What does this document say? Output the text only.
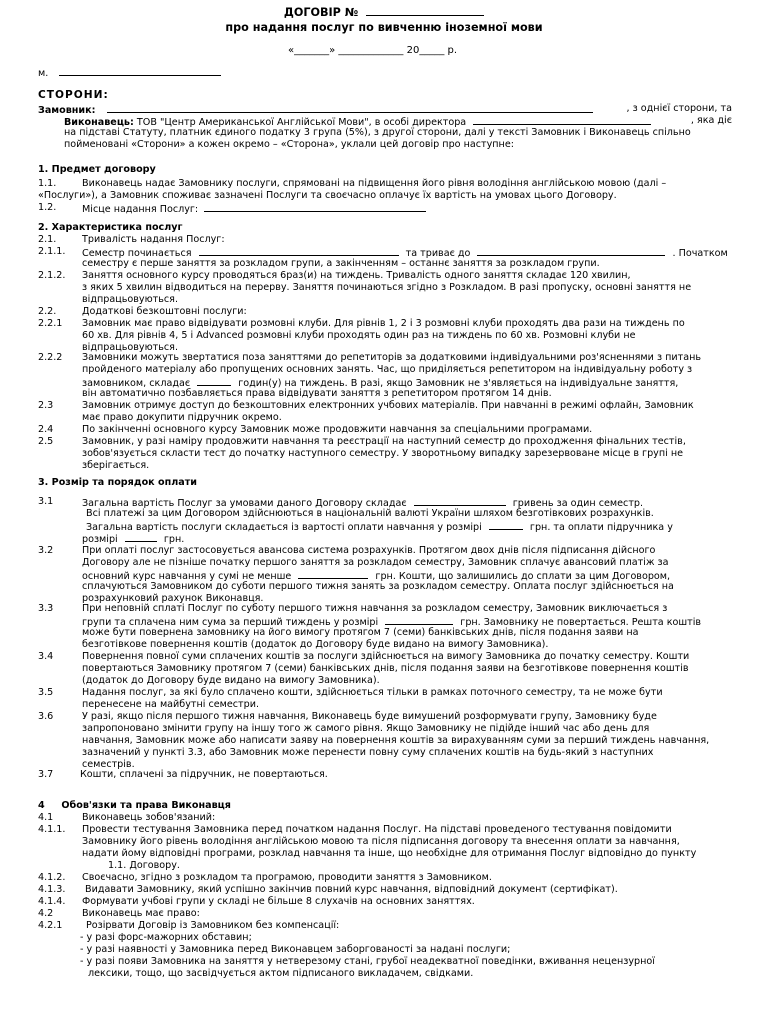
ДОГОВІР №
про надання послуг по вивченню іноземної мови
«_______» _____________ 20_____ р.
м.
СТОРОНИ:
Замовник:	, з однієї сторони, та
Виконавець: ТОВ "Центр Американської Англійської Мови", в особі директора	, яка діє
на підставі Статуту, платник єдиного податку 3 група (5%), з другої сторони, далі у тексті Замовник і Виконавець спільно
пойменовані «Сторони» а кожен окремо – «Сторона», уклали цей договір про наступне:
1. Предмет договору
1.1.	Виконавець надає Замовнику послуги, спрямовані на підвищення його рівня володіння англійською мовою (далі –
«Послуги»), а Замовник споживає зазначені Послуги та своєчасно оплачує їх вартість на умовах цього Договору.
1.2.	Місце надання Послуг:
2. Характеристика послуг
2.1.	Тривалість надання Послуг:
2.1.1. Семестр починається	та триває до	. Початком
семестру є перше заняття за розкладом групи, а закінченням – останнє заняття за розкладом групи.
2.1.2. Заняття основного курсу проводяться 6раз(и) на тиждень. Тривалість одного заняття складає 120 хвилин,
з яких 5 хвилин відводиться на перерву. Заняття починаються згідно з Розкладом. В разі пропуску, основні заняття не
відпрацьовуються.
2.2.	Додаткові безкоштовні послуги:
2.2.1 Замовник має право відвідувати розмовні клуби. Для рівнів 1, 2 і 3 розмовні клуби проходять два рази на тиждень по
60 хв. Для рівнів 4, 5 і Advanced розмовні клуби проходять один раз на тиждень по 60 хв. Розмовні клуби не
відпрацьовуються.
2.2.2 Замовники можуть звертатися поза заняттями до репетиторів за додатковими індивідуальними роз'ясненнями з питань
пройденого матеріалу або пропущених основних занять. Час, що приділяється репетитором на індивідуальну роботу з
замовником, складає	годин(у) на тиждень. В разі, якщо Замовник не з'являється на індивідуальне заняття,
він автоматично позбавляється права відвідувати заняття з репетитором протягом 14 днів.
2.3	Замовник отримує доступ до безкоштовних електронних учбових матеріалів. При навчанні в режимі офлайн, Замовник
має право докупити підручник окремо.
2.4	По закінченні основного курсу Замовник може продовжити навчання за спеціальними програмами.
2.5	Замовник, у разі наміру продовжити навчання та реєстрації на наступний семестр до проходження фінальних тестів,
зобов'язується скласти тест до початку наступного семестру. У зворотньому випадку зарезервоване місце в групі не
зберігається.
3. Розмір та порядок оплати
3.1	Загальна вартість Послуг за умовами даного Договору складає	гривень за один семестр.
Всі платежі за цим Договором здійснюються в національній валюті України шляхом безготівкових розрахунків.
Загальна вартість послуги складається із вартості оплати навчання у розмірі	грн. та оплати підручника у
розмірі	грн.
3.2	При оплаті послуг застосовується авансова система розрахунків. Протягом двох днів після підписання дійсного
Договору але не пізніше початку першого заняття за розкладом семестру, Замовник сплачує авансовий платіж за
основний курс навчання у сумі не менше	грн. Кошти, що залишились до сплати за цим Договором,
сплачуються Замовником до суботи першого тижня занять за розкладом семестру. Оплата послуг здійснюється на
розрахунковий рахунок Виконавця.
3.3	При неповній сплаті Послуг по суботу першого тижня навчання за розкладом семестру, Замовник виключається з
групи та сплачена ним сума за перший тиждень у розмірі	грн. Замовнику не повертається. Решта коштів
може бути повернена замовнику на його вимогу протягом 7 (семи) банківських днів, після подання заяви на
безготівкове повернення коштів (додаток до Договору буде видано на вимогу Замовника).
3.4	Повернення повної суми сплачених коштів за послуги здійснюється на вимогу Замовника до початку семестру. Кошти
повертаються Замовнику протягом 7 (семи) банківських днів, після подання заяви на безготівкове повернення коштів
(додаток до Договору буде видано на вимогу Замовника).
3.5	Надання послуг, за які було сплачено кошти, здійснюється тільки в рамках поточного семестру, та не може бути
перенесене на майбутні семестри.
3.6	У разі, якщо після першого тижня навчання, Виконавець буде вимушений розформувати групу, Замовнику буде
запропоновано змінити групу на іншу того ж самого рівня. Якщо Замовнику не підійде інший час або день для
навчання, Замовник може або написати заяву на повернення коштів за вирахуванням суми за перший тиждень навчання,
зазначений у пункті 3.3, або Замовник може перенести повну суму сплачених коштів на будь-який з наступних
семестрів.
3.7	Кошти, сплачені за підручник, не повертаються.
4     Обов'язки та права Виконавця
4.1	Виконавець зобов'язаний:
4.1.1. Провести тестування Замовника перед початком надання Послуг. На підставі проведеного тестування повідомити
Замовнику його рівень володіння англійською мовою та після підписання договору та внесення оплати за навчання,
надати йому відповідні програми, розклад навчання та інше, що необхідне для отримання Послуг відповідно до пункту
1.1. Договору.
4.1.2. Своєчасно, згідно з розкладом та програмою, проводити заняття з Замовником.
4.1.3. Видавати Замовнику, який успішно закінчив повний курс навчання, відповідний документ (сертифікат).
4.1.4. Формувати учбові групи у складі не більше 8 слухачів на основних заняттях.
4.2	Виконавець має право:
4.2.1 Розірвати Договір із Замовником без компенсації:
- у разі форс-мажорних обставин;
- у разі наявності у Замовника перед Виконавцем заборгованості за надані послуги;
- у разі появи Замовника на заняття у нетверезому стані, грубої неадекватної поведінки, вживання нецензурної
лексики, тощо, що засвідчується актом підписаного викладачем, свідками.
